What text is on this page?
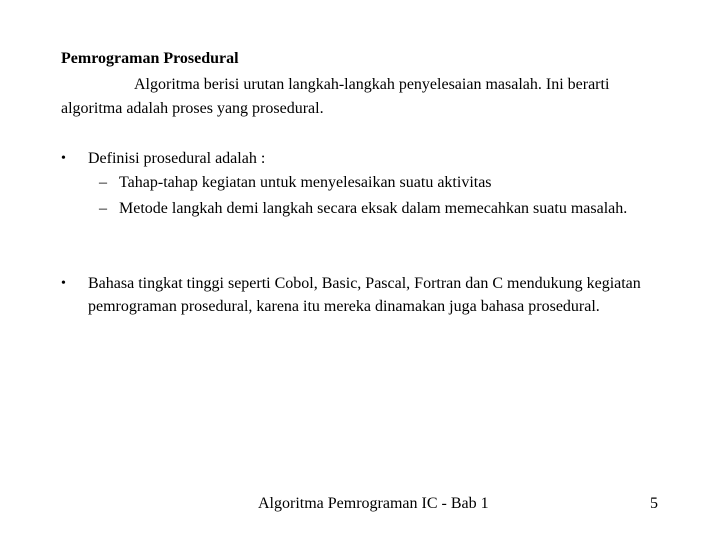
Pemrograman Prosedural

Algoritma berisi urutan langkah-langkah penyelesaian masalah. Ini berarti algoritma adalah proses yang prosedural.

• Definisi prosedural adalah :
– Tahap-tahap kegiatan untuk menyelesaikan suatu aktivitas
– Metode langkah demi langkah secara eksak dalam memecahkan suatu masalah.
• Bahasa tingkat tinggi seperti Cobol, Basic, Pascal, Fortran dan C mendukung kegiatan pemrograman prosedural, karena itu mereka dinamakan juga bahasa prosedural.

Algoritma Pemrograman IC - Bab 1	5
